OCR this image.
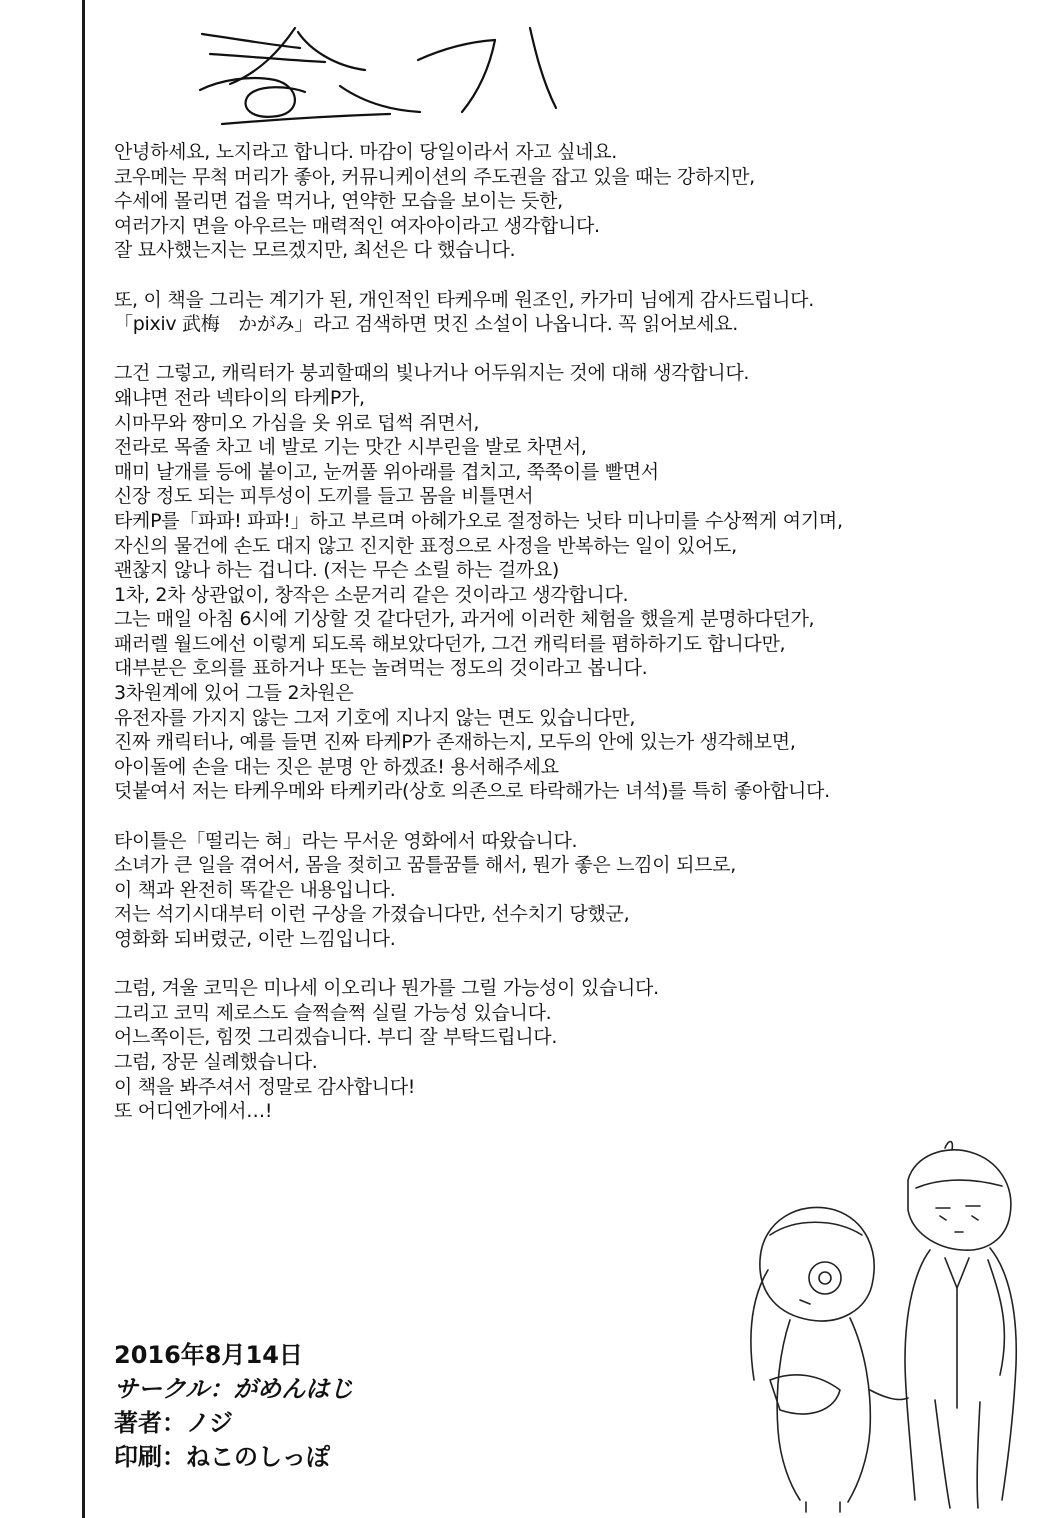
안녕하세요, 노지라고 합니다. 마감이 당일이라서 자고 싶네요.
코우메는 무척 머리가 좋아, 커뮤니케이션의 주도권을 잡고 있을 때는 강하지만,
수세에 몰리면 겁을 먹거나, 연약한 모습을 보이는 듯한,
여러가지 면을 아우르는 매력적인 여자아이라고 생각합니다.
잘 묘사했는지는 모르겠지만, 최선은 다 했습니다.
또, 이 책을 그리는 계기가 된, 개인적인 타케우메 원조인, 카가미 님에게 감사드립니다.
「pixiv 武梅　かがみ」라고 검색하면 멋진 소설이 나옵니다. 꼭 읽어보세요.
그건 그렇고, 캐릭터가 붕괴할때의 빛나거나 어두워지는 것에 대해 생각합니다.
왜냐면 전라 넥타이의 타케P가,
시마무와 쨩미오 가심을 옷 위로 덥썩 쥐면서,
전라로 목줄 차고 네 발로 기는 맛간 시부린을 발로 차면서,
매미 날개를 등에 붙이고, 눈꺼풀 위아래를 겹치고, 쭉쭉이를 빨면서
신장 정도 되는 피투성이 도끼를 들고 몸을 비틀면서
타케P를「파파! 파파!」하고 부르며 아헤가오로 절정하는 닛타 미나미를 수상쩍게 여기며,
자신의 물건에 손도 대지 않고 진지한 표정으로 사정을 반복하는 일이 있어도,
괜찮지 않나 하는 겁니다. (저는 무슨 소릴 하는 걸까요)
1차, 2차 상관없이, 창작은 소문거리 같은 것이라고 생각합니다.
그는 매일 아침 6시에 기상할 것 같다던가, 과거에 이러한 체험을 했을게 분명하다던가,
패러렐 월드에선 이렇게 되도록 해보았다던가, 그건 캐릭터를 폄하하기도 합니다만,
대부분은 호의를 표하거나 또는 놀려먹는 정도의 것이라고 봅니다.
3차원계에 있어 그들 2차원은
유전자를 가지지 않는 그저 기호에 지나지 않는 면도 있습니다만,
진짜 캐릭터나, 예를 들면 진짜 타케P가 존재하는지, 모두의 안에 있는가 생각해보면,
아이돌에 손을 대는 짓은 분명 안 하겠죠! 용서해주세요
덧붙여서 저는 타케우메와 타케키라(상호 의존으로 타락해가는 녀석)를 특히 좋아합니다.
타이틀은「떨리는 혀」라는 무서운 영화에서 따왔습니다.
소녀가 큰 일을 겪어서, 몸을 젖히고 꿈틀꿈틀 해서, 뭔가 좋은 느낌이 되므로,
이 책과 완전히 똑같은 내용입니다.
저는 석기시대부터 이런 구상을 가졌습니다만, 선수치기 당했군,
영화화 되버렸군, 이란 느낌입니다.
그럼, 겨울 코믹은 미나세 이오리나 뭔가를 그릴 가능성이 있습니다.
그리고 코믹 제로스도 슬쩍슬쩍 실릴 가능성 있습니다.
어느쪽이든, 힘껏 그리겠습니다. 부디 잘 부탁드립니다.
그럼, 장문 실례했습니다.
이 책을 봐주셔서 정말로 감사합니다!
또 어디엔가에서…!
2016年8月14日
サークル：がめんはじ
著者：ノジ
印刷：ねこのしっぽ
